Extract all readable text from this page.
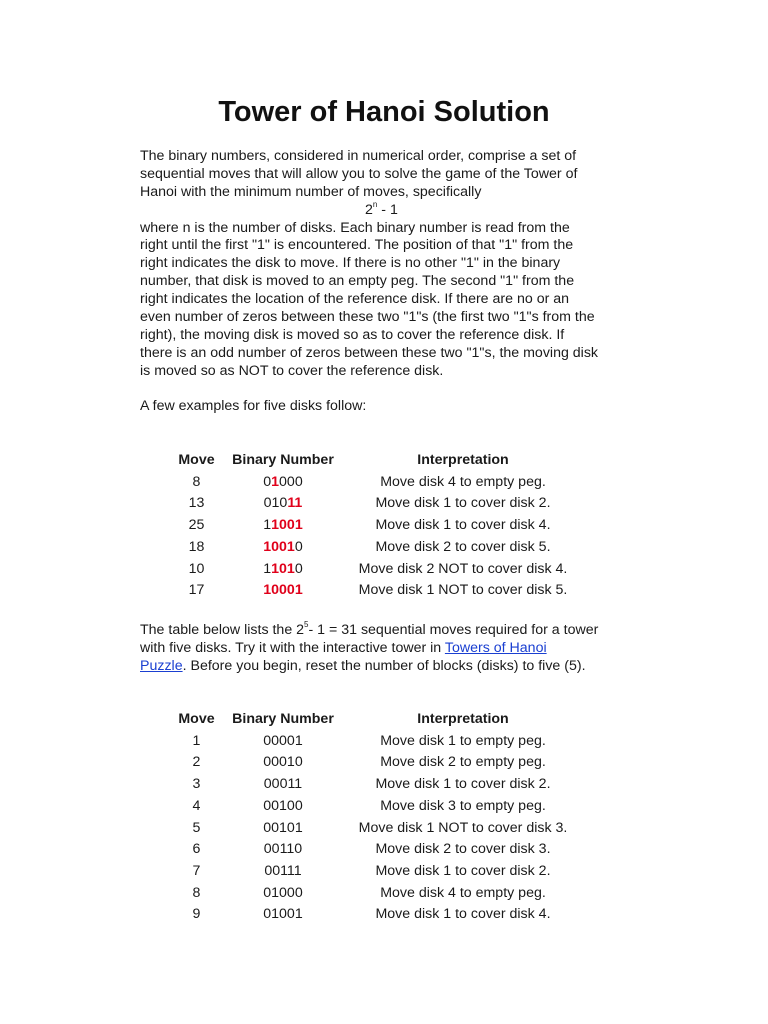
Tower of Hanoi Solution
The binary numbers, considered in numerical order, comprise a set of
sequential moves that will allow you to solve the game of the Tower of
Hanoi with the minimum number of moves, specifically
2$^n$ - 1
where n is the number of disks. Each binary number is read from the
right until the first "1" is encountered. The position of that "1" from the
right indicates the disk to move. If there is no other "1" in the binary
number, that disk is moved to an empty peg. The second "1" from the
right indicates the location of the reference disk. If there are no or an
even number of zeros between these two "1"s (the first two "1"s from the
right), the moving disk is moved so as to cover the reference disk. If
there is an odd number of zeros between these two "1"s, the moving disk
is moved so as NOT to cover the reference disk.
A few examples for five disks follow:
Move	Binary Number	Interpretation
8	01000	Move disk 4 to empty peg.
13	01011	Move disk 1 to cover disk 2.
25	11001	Move disk 1 to cover disk 4.
18	10010	Move disk 2 to cover disk 5.
10	11010	Move disk 2 NOT to cover disk 4.
17	10001	Move disk 1 NOT to cover disk 5.
The table below lists the $2^5-$ 1 = 31 sequential moves required for a tower
with five disks. Try it with the interactive tower in Towers of Hanoi
Puzzle. Before you begin, reset the number of blocks (disks) to five (5).
Move	Binary Number	Interpretation
1	00001	Move disk 1 to empty peg.
2	00010	Move disk 2 to empty peg.
3	00011	Move disk 1 to cover disk 2.
4	00100	Move disk 3 to empty peg.
5	00101	Move disk 1 NOT to cover disk 3.
6	00110	Move disk 2 to cover disk 3.
7	00111	Move disk 1 to cover disk 2.
8	01000	Move disk 4 to empty peg.
9	01001	Move disk 1 to cover disk 4.
